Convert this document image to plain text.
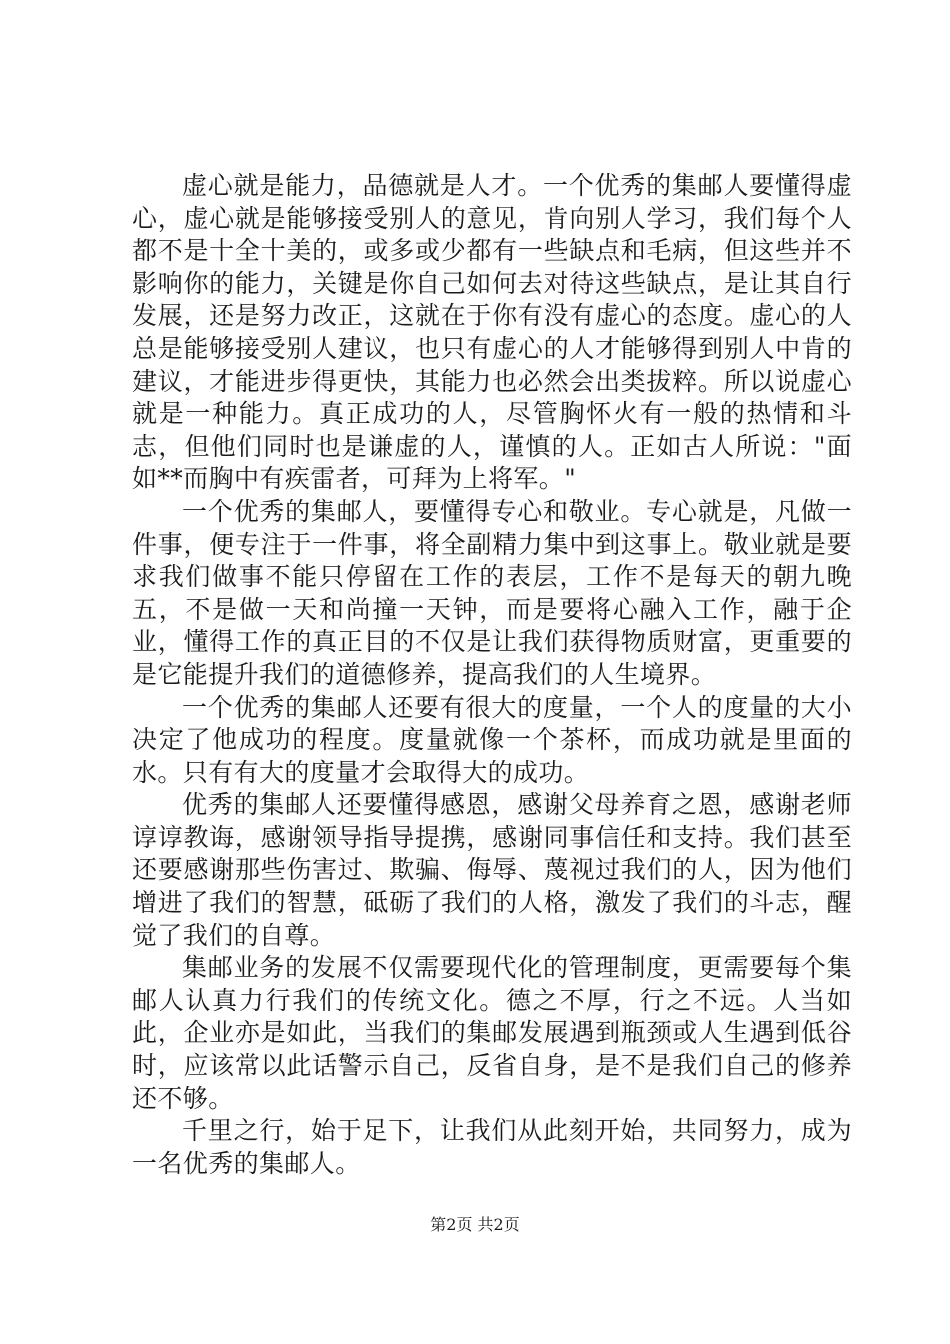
虚心就是能力，品德就是人才。一个优秀的集邮人要懂得虚心，虚心就是能够接受别人的意见，肯向别人学习，我们每个人都不是十全十美的，或多或少都有一些缺点和毛病，但这些并不影响你的能力，关键是你自己如何去对待这些缺点，是让其自行发展，还是努力改正，这就在于你有没有虚心的态度。虚心的人总是能够接受别人建议，也只有虚心的人才能够得到别人中肯的建议，才能进步得更快，其能力也必然会出类拔粹。所以说虚心就是一种能力。真正成功的人，尽管胸怀火有一般的热情和斗志，但他们同时也是谦虚的人，谨慎的人。正如古人所说："面如**而胸中有疾雷者，可拜为上将军。"

一个优秀的集邮人，要懂得专心和敬业。专心就是，凡做一件事，便专注于一件事，将全副精力集中到这事上。敬业就是要求我们做事不能只停留在工作的表层，工作不是每天的朝九晚五，不是做一天和尚撞一天钟，而是要将心融入工作，融于企业，懂得工作的真正目的不仅是让我们获得物质财富，更重要的是它能提升我们的道德修养，提高我们的人生境界。

一个优秀的集邮人还要有很大的度量，一个人的度量的大小决定了他成功的程度。度量就像一个茶杯，而成功就是里面的水。只有有大的度量才会取得大的成功。

优秀的集邮人还要懂得感恩，感谢父母养育之恩，感谢老师谆谆教诲，感谢领导指导提携，感谢同事信任和支持。我们甚至还要感谢那些伤害过、欺骗、侮辱、蔑视过我们的人，因为他们增进了我们的智慧，砥砺了我们的人格，激发了我们的斗志，醒觉了我们的自尊。

集邮业务的发展不仅需要现代化的管理制度，更需要每个集邮人认真力行我们的传统文化。德之不厚，行之不远。人当如此，企业亦是如此，当我们的集邮发展遇到瓶颈或人生遇到低谷时，应该常以此话警示自己，反省自身，是不是我们自己的修养还不够。

千里之行，始于足下，让我们从此刻开始，共同努力，成为一名优秀的集邮人。

第2页 共2页
